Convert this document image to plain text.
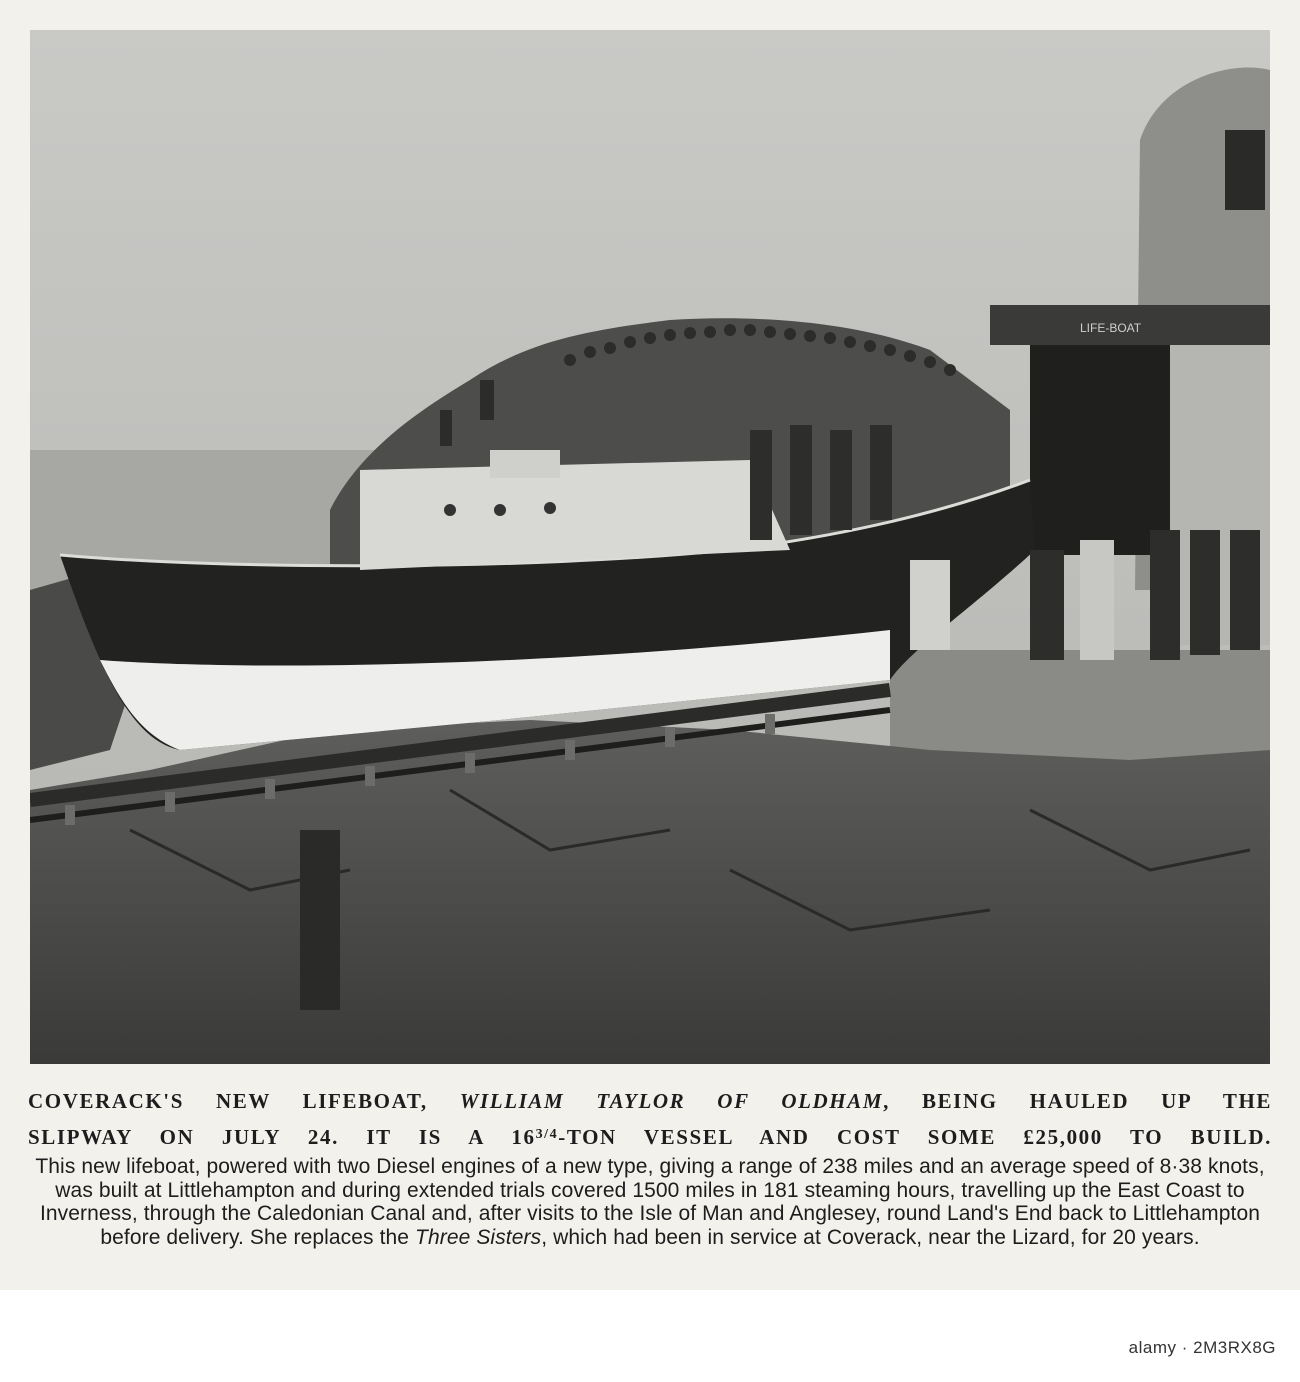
LIFE-BOAT
COVERACK'S NEW LIFEBOAT, WILLIAM TAYLOR OF OLDHAM, BEING HAULED UP THE
SLIPWAY ON JULY 24. IT IS A $16^{3/4}$-TON VESSEL AND COST SOME £25,000 TO BUILD.
This new lifeboat, powered with two Diesel engines of a new type, giving a range of 238 miles and an average speed of 8·38 knots, was built at Littlehampton and during extended trials covered 1500 miles in 181 steaming hours, travelling up the East Coast to Inverness, through the Caledonian Canal and, after visits to the Isle of Man and Anglesey, round Land's End back to Littlehampton before delivery. She replaces the Three Sisters, which had been in service at Coverack, near the Lizard, for 20 years.
alamy · 2M3RX8G
